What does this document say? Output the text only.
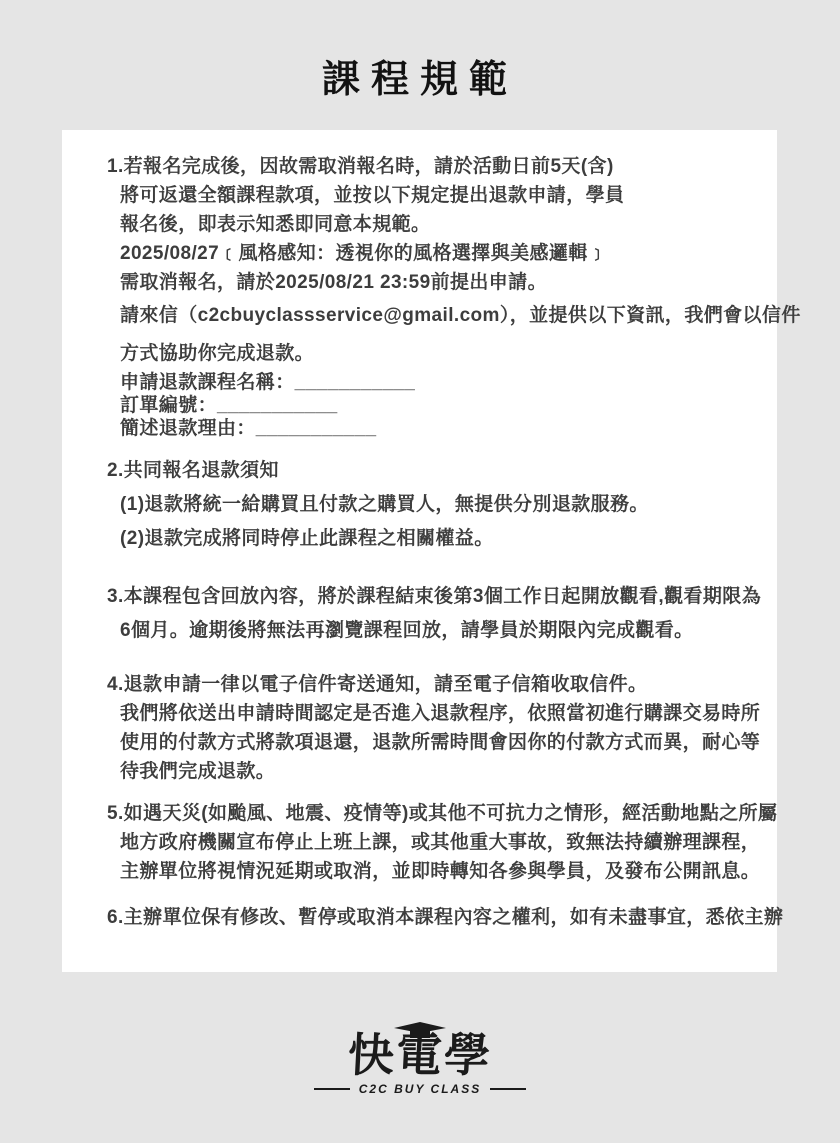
課程規範
1.若報名完成後，因故需取消報名時，請於活動日前5天(含)
將可返還全額課程款項，並按以下規定提出退款申請，學員
報名後，即表示知悉即同意本規範。
2025/08/27﹝風格感知：透視你的風格選擇與美感邏輯﹞
需取消報名，請於2025/08/21 23:59前提出申請。
請來信（c2cbuyclassservice@gmail.com），並提供以下資訊，我們會以信件
方式協助你完成退款。
申請退款課程名稱：___________
訂單編號：___________
簡述退款理由：___________
2.共同報名退款須知
(1)退款將統一給購買且付款之購買人，無提供分別退款服務。
(2)退款完成將同時停止此課程之相關權益。
3.本課程包含回放內容，將於課程結束後第3個工作日起開放觀看,觀看期限為
6個月。逾期後將無法再瀏覽課程回放，請學員於期限內完成觀看。
4.退款申請一律以電子信件寄送通知，請至電子信箱收取信件。
我們將依送出申請時間認定是否進入退款程序，依照當初進行購課交易時所
使用的付款方式將款項退還，退款所需時間會因你的付款方式而異，耐心等
待我們完成退款。
5.如遇天災(如颱風、地震、疫情等)或其他不可抗力之情形，經活動地點之所屬
地方政府機關宣布停止上班上課，或其他重大事故，致無法持續辦理課程，
主辦單位將視情況延期或取消，並即時轉知各參與學員，及發布公開訊息。
6.主辦單位保有修改、暫停或取消本課程內容之權利，如有未盡事宜，悉依主辦
快電學
C2C BUY CLASS
